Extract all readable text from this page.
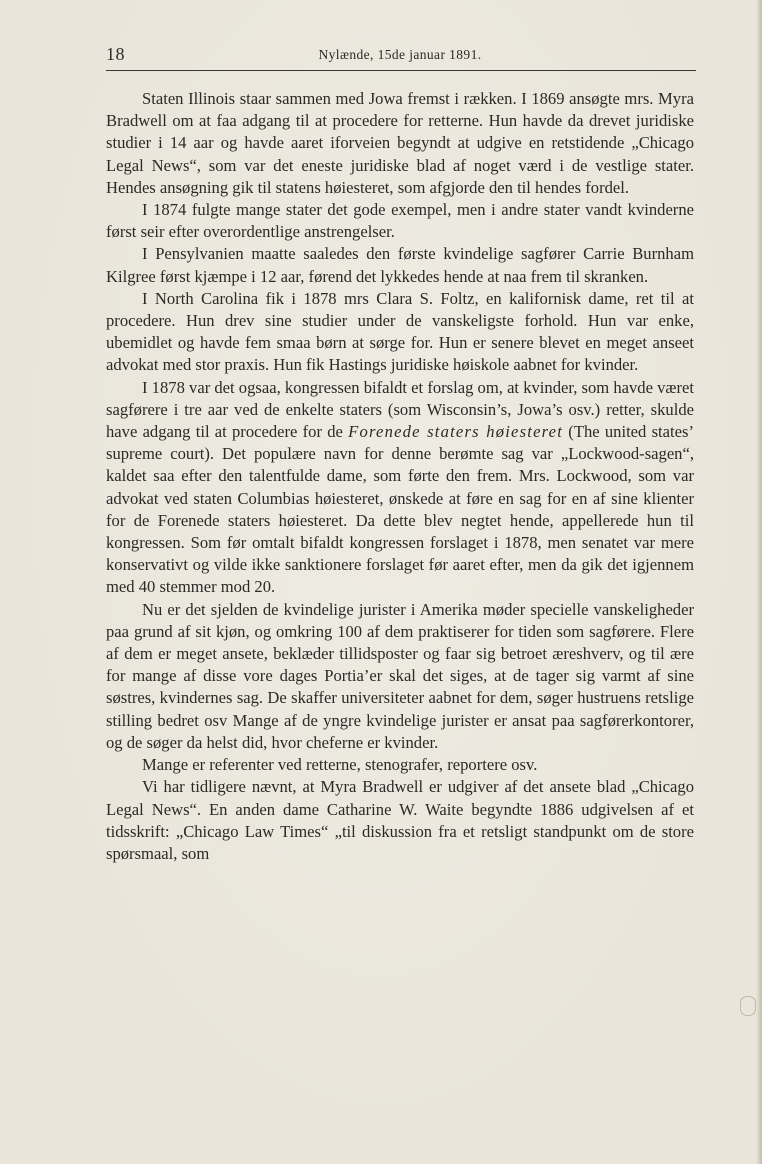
18	Nylænde, 15de januar 1891.

Staten Illinois staar sammen med Jowa fremst i rækken. I 1869 ansøgte mrs. Myra Bradwell om at faa adgang til at procedere for retterne. Hun havde da drevet juridiske studier i 14 aar og havde aaret iforveien begyndt at udgive en retstidende „Chicago Legal News“, som var det eneste juridiske blad af noget værd i de vestlige stater. Hendes ansøgning gik til statens høiesteret, som afgjorde den til hendes fordel.

I 1874 fulgte mange stater det gode exempel, men i andre stater vandt kvinderne først seir efter overordentlige anstrengelser.

I Pensylvanien maatte saaledes den første kvindelige sagfører Carrie Burnham Kilgree først kjæmpe i 12 aar, førend det lykkedes hende at naa frem til skranken.

I North Carolina fik i 1878 mrs Clara S. Foltz, en kalifornisk dame, ret til at procedere. Hun drev sine studier under de vanskeligste forhold. Hun var enke, ubemidlet og havde fem smaa børn at sørge for. Hun er senere blevet en meget anseet advokat med stor praxis. Hun fik Hastings juridiske høiskole aabnet for kvinder.

I 1878 var det ogsaa, kongressen bifaldt et forslag om, at kvinder, som havde været sagførere i tre aar ved de enkelte staters (som Wisconsin’s, Jowa’s osv.) retter, skulde have adgang til at procedere for de Forenede staters høiesteret (The united states’ supreme court). Det populære navn for denne berømte sag var „Lockwood-sagen“, kaldet saa efter den talentfulde dame, som førte den frem. Mrs. Lockwood, som var advokat ved staten Columbias høiesteret, ønskede at føre en sag for en af sine klienter for de Forenede staters høiesteret. Da dette blev negtet hende, appellerede hun til kongressen. Som før omtalt bifaldt kongressen forslaget i 1878, men senatet var mere konservativt og vilde ikke sanktionere forslaget før aaret efter, men da gik det igjennem med 40 stemmer mod 20.

Nu er det sjelden de kvindelige jurister i Amerika møder specielle vanskeligheder paa grund af sit kjøn, og omkring 100 af dem praktiserer for tiden som sagførere. Flere af dem er meget ansete, beklæder tillidsposter og faar sig betroet æreshverv, og til ære for mange af disse vore dages Portia’er skal det siges, at de tager sig varmt af sine søstres, kvindernes sag. De skaffer universiteter aabnet for dem, søger hustruens retslige stilling bedret osv Mange af de yngre kvindelige jurister er ansat paa sagførerkontorer, og de søger da helst did, hvor cheferne er kvinder.

Mange er referenter ved retterne, stenografer, reportere osv.

Vi har tidligere nævnt, at Myra Bradwell er udgiver af det ansete blad „Chicago Legal News“. En anden dame Catharine W. Waite begyndte 1886 udgivelsen af et tidsskrift: „Chicago Law Times“ „til diskussion fra et retsligt standpunkt om de store spørsmaal, som
